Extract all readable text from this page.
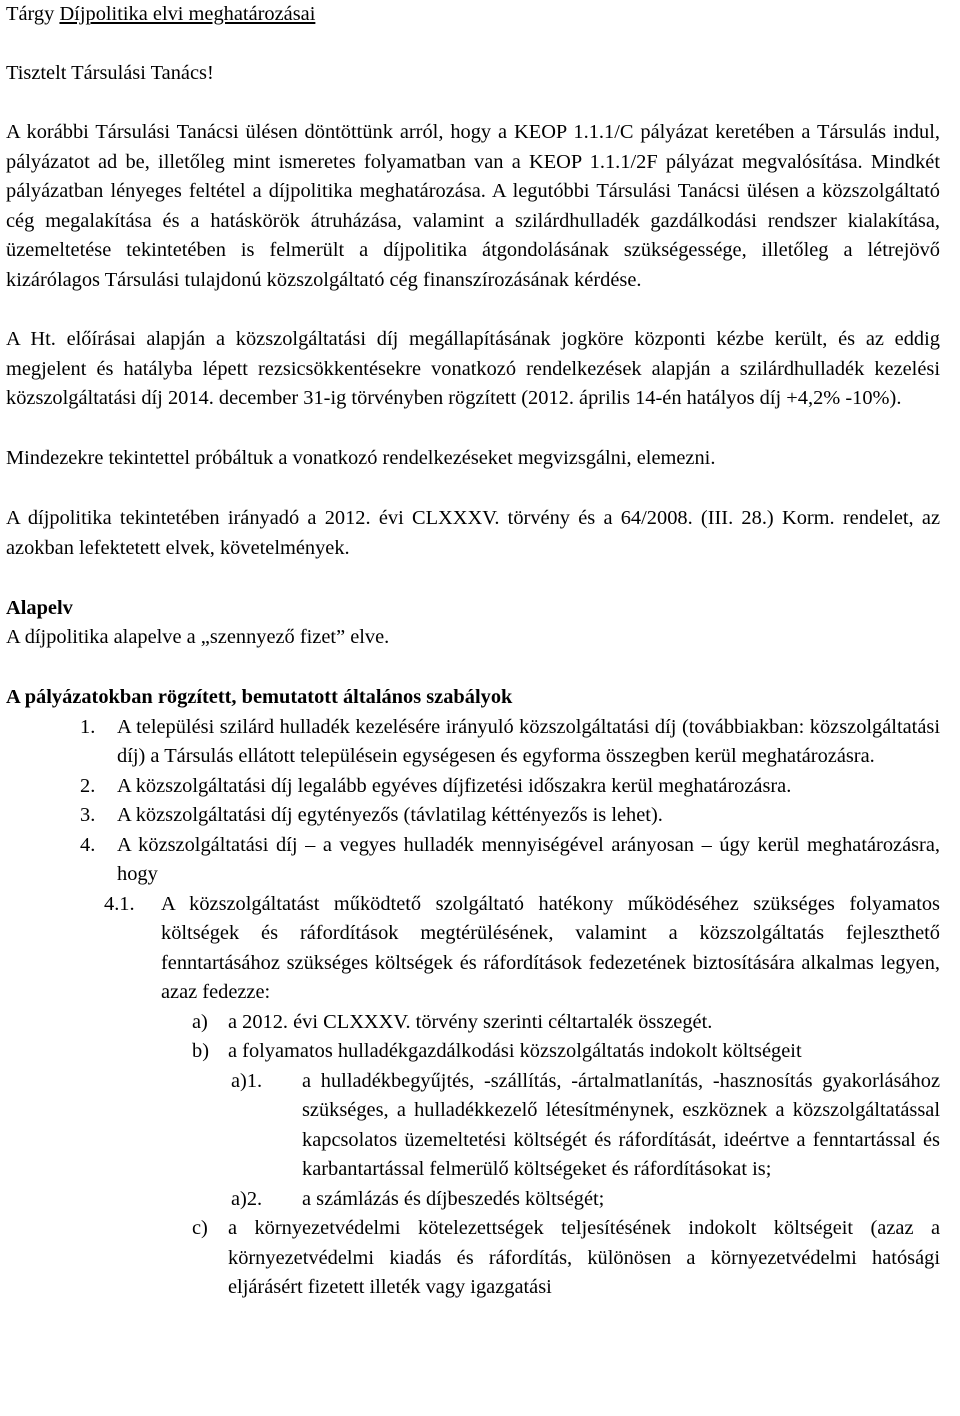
Tárgy Díjpolitika elvi meghatározásai

Tisztelt Társulási Tanács!

A korábbi Társulási Tanácsi ülésen döntöttünk arról, hogy a KEOP 1.1.1/C pályázat keretében a Társulás indul, pályázatot ad be, illetőleg mint ismeretes folyamatban van a KEOP 1.1.1/2F pályázat megvalósítása. Mindkét pályázatban lényeges feltétel a díjpolitika meghatározása. A legutóbbi Társulási Tanácsi ülésen a közszolgáltató cég megalakítása és a hatáskörök átruházása, valamint a szilárdhulladék gazdálkodási rendszer kialakítása, üzemeltetése tekintetében is felmerült a díjpolitika átgondolásának szükségessége, illetőleg a létrejövő kizárólagos Társulási tulajdonú közszolgáltató cég finanszírozásának kérdése.

A Ht. előírásai alapján a közszolgáltatási díj megállapításának jogköre központi kézbe került, és az eddig megjelent és hatályba lépett rezsicsökkentésekre vonatkozó rendelkezések alapján a szilárdhulladék kezelési közszolgáltatási díj 2014. december 31-ig törvényben rögzített (2012. április 14-én hatályos díj +4,2% -10%).

Mindezekre tekintettel próbáltuk a vonatkozó rendelkezéseket megvizsgálni, elemezni.

A díjpolitika tekintetében irányadó a 2012. évi CLXXXV. törvény és a 64/2008. (III. 28.) Korm. rendelet, az azokban lefektetett elvek, követelmények.

Alapelv

A díjpolitika alapelve a „szennyező fizet” elve.

A pályázatokban rögzített, bemutatott általános szabályok

1. A települési szilárd hulladék kezelésére irányuló közszolgáltatási díj (továbbiakban: közszolgáltatási díj) a Társulás ellátott településein egységesen és egyforma összegben kerül meghatározásra.
2. A közszolgáltatási díj legalább egyéves díjfizetési időszakra kerül meghatározásra.
3. A közszolgáltatási díj egytényezős (távlatilag kéttényezős is lehet).
4. A közszolgáltatási díj – a vegyes hulladék mennyiségével arányosan – úgy kerül meghatározásra, hogy
4.1. A közszolgáltatást működtető szolgáltató hatékony működéséhez szükséges folyamatos költségek és ráfordítások megtérülésének, valamint a közszolgáltatás fejleszthető fenntartásához szükséges költségek és ráfordítások fedezetének biztosítására alkalmas legyen, azaz fedezze:
a) a 2012. évi CLXXXV. törvény szerinti céltartalék összegét.
b) a folyamatos hulladékgazdálkodási közszolgáltatás indokolt költségeit
a)1. a hulladékbegyűjtés, -szállítás, -ártalmatlanítás, -hasznosítás gyakorlásához szükséges, a hulladékkezelő létesítménynek, eszköznek a közszolgáltatással kapcsolatos üzemeltetési költségét és ráfordítását, ideértve a fenntartással és karbantartással felmerülő költségeket és ráfordításokat is;
a)2. a számlázás és díjbeszedés költségét;
c) a környezetvédelmi kötelezettségek teljesítésének indokolt költségeit (azaz a környezetvédelmi kiadás és ráfordítás, különösen a környezetvédelmi hatósági eljárásért fizetett illeték vagy igazgatási
